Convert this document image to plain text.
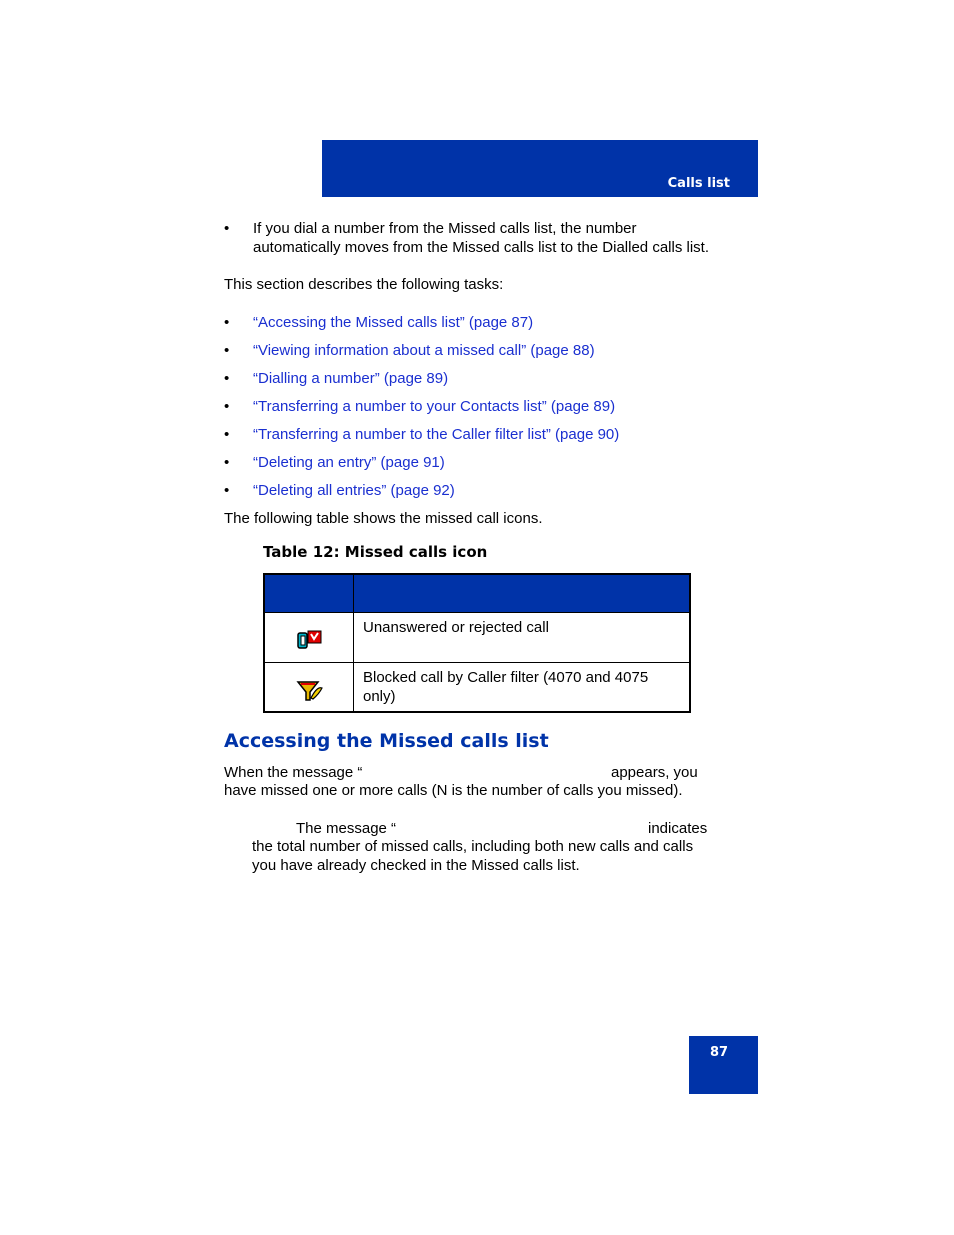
Calls list
• If you dial a number from the Missed calls list, the number
automatically moves from the Missed calls list to the Dialled calls list.
This section describes the following tasks:
• “Accessing the Missed calls list” (page 87)
• “Viewing information about a missed call” (page 88)
• “Dialling a number” (page 89)
• “Transferring a number to your Contacts list” (page 89)
• “Transferring a number to the Caller filter list” (page 90)
• “Deleting an entry” (page 91)
• “Deleting all entries” (page 92)
The following table shows the missed call icons.
Table 12: Missed calls icon
Unanswered or rejected call
Blocked call by Caller filter (4070 and 4075
only)
Accessing the Missed calls list
When the message “	appears, you
have missed one or more calls (N is the number of calls you missed).
The message “	indicates
the total number of missed calls, including both new calls and calls
you have already checked in the Missed calls list.
87
